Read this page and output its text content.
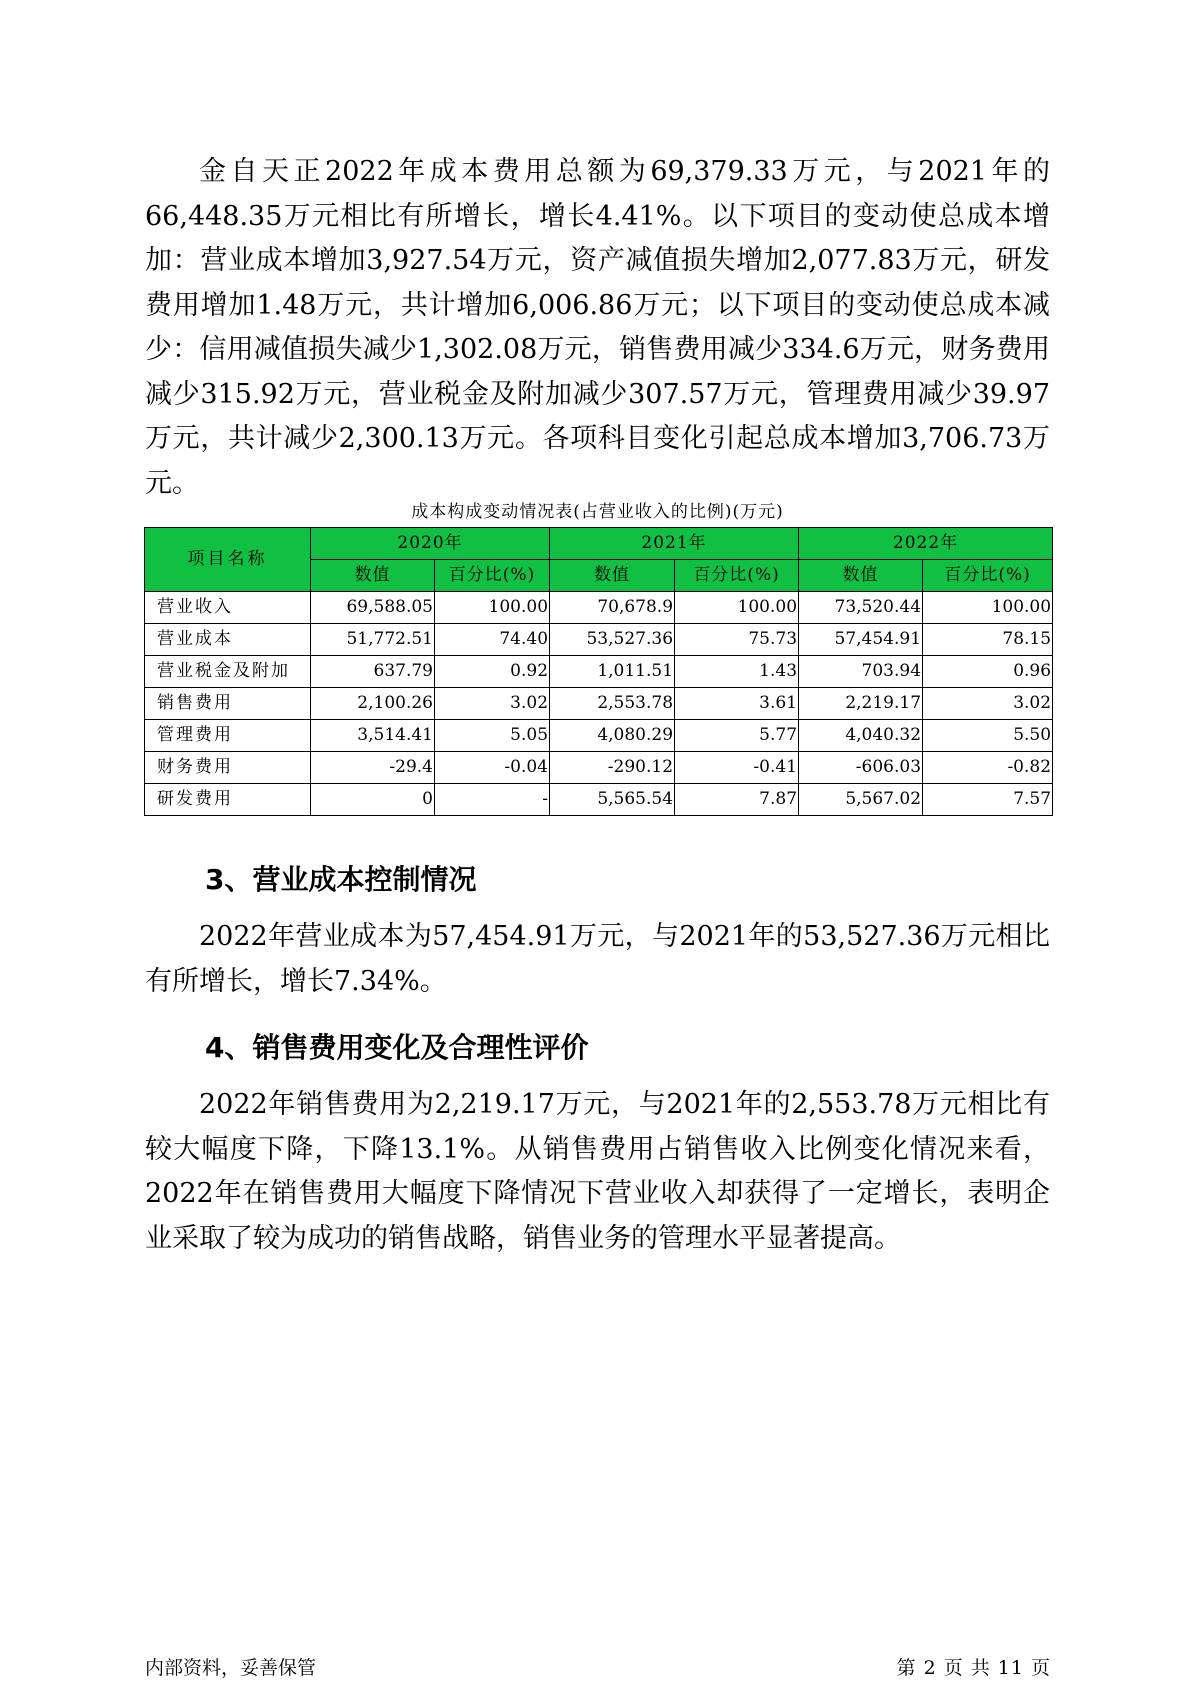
金自天正2022年成本费用总额为69,379.33万元，与2021年的66,448.35万元相比有所增长，增长4.41%。以下项目的变动使总成本增加：营业成本增加3,927.54万元，资产减值损失增加2,077.83万元，研发费用增加1.48万元，共计增加6,006.86万元；以下项目的变动使总成本减少：信用减值损失减少1,302.08万元，销售费用减少334.6万元，财务费用减少315.92万元，营业税金及附加减少307.57万元，管理费用减少39.97万元，共计减少2,300.13万元。各项科目变化引起总成本增加3,706.73万元。

成本构成变动情况表(占营业收入的比例)(万元)
项目名称	2020年		2021年		2022年	
	数值	百分比(%)	数值	百分比(%)	数值	百分比(%)
营业收入	69,588.05	100.00	70,678.9	100.00	73,520.44	100.00
营业成本	51,772.51	74.40	53,527.36	75.73	57,454.91	78.15
营业税金及附加	637.79	0.92	1,011.51	1.43	703.94	0.96
销售费用	2,100.26	3.02	2,553.78	3.61	2,219.17	3.02
管理费用	3,514.41	5.05	4,080.29	5.77	4,040.32	5.50
财务费用	-29.4	-0.04	-290.12	-0.41	-606.03	-0.82
研发费用	0	-	5,565.54	7.87	5,567.02	7.57
3、营业成本控制情况

2022年营业成本为57,454.91万元，与2021年的53,527.36万元相比有所增长，增长7.34%。

4、销售费用变化及合理性评价

2022年销售费用为2,219.17万元，与2021年的2,553.78万元相比有较大幅度下降，下降13.1%。从销售费用占销售收入比例变化情况来看，2022年在销售费用大幅度下降情况下营业收入却获得了一定增长，表明企业采取了较为成功的销售战略，销售业务的管理水平显著提高。

内部资料，妥善保管	第 2 页 共 11 页
